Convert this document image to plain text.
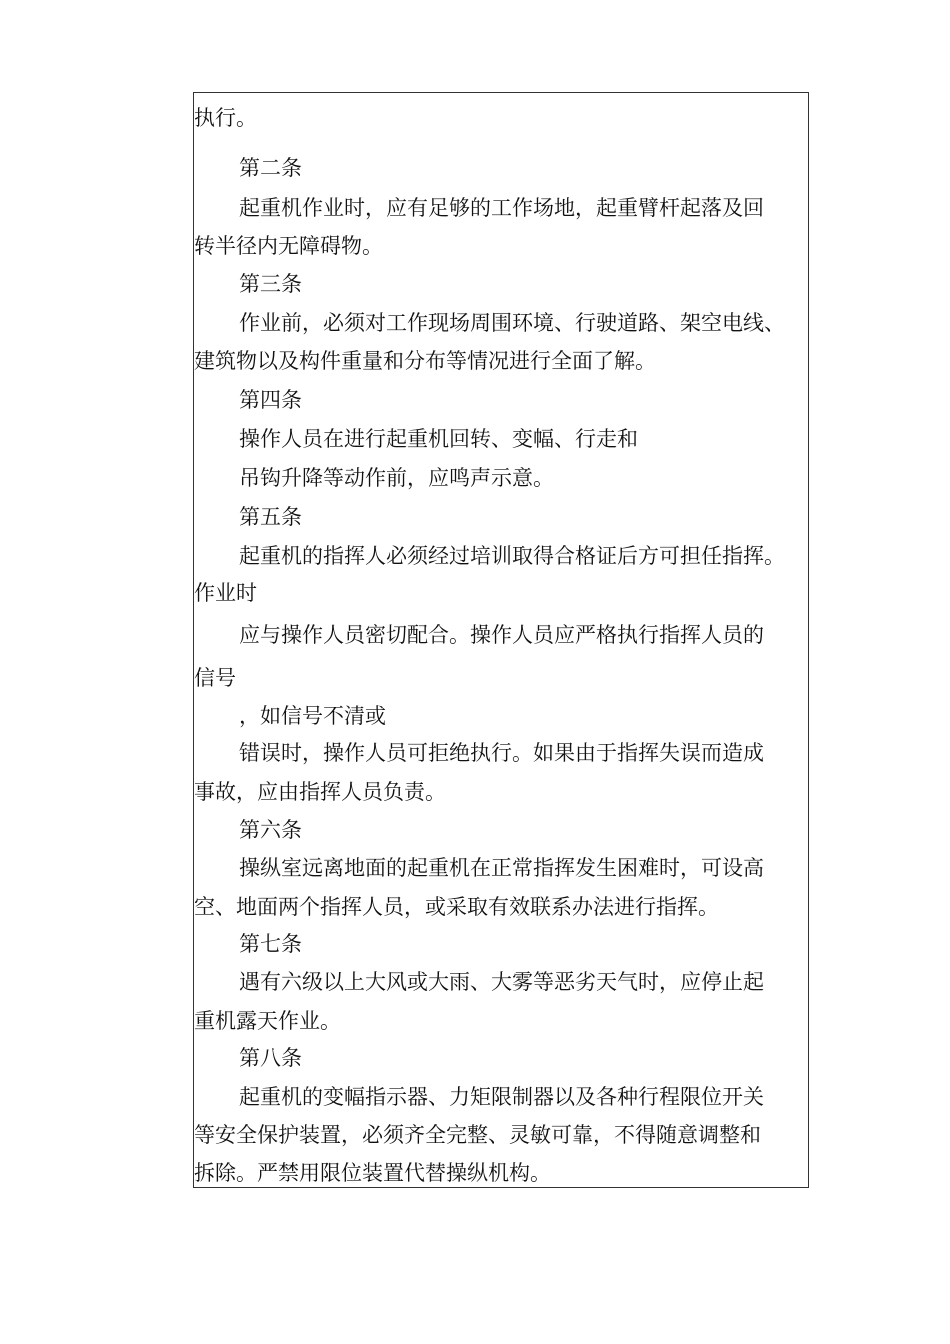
执行。
第二条
起重机作业时，应有足够的工作场地，起重臂杆起落及回
转半径内无障碍物。
第三条
作业前，必须对工作现场周围环境、行驶道路、架空电线、
建筑物以及构件重量和分布等情况进行全面了解。
第四条
操作人员在进行起重机回转、变幅、行走和
吊钩升降等动作前，应鸣声示意。
第五条
起重机的指挥人必须经过培训取得合格证后方可担任指挥。
作业时
应与操作人员密切配合。操作人员应严格执行指挥人员的
信号
，如信号不清或
错误时，操作人员可拒绝执行。如果由于指挥失误而造成
事故，应由指挥人员负责。
第六条
操纵室远离地面的起重机在正常指挥发生困难时，可设高
空、地面两个指挥人员，或采取有效联系办法进行指挥。
第七条
遇有六级以上大风或大雨、大雾等恶劣天气时，应停止起
重机露天作业。
第八条
起重机的变幅指示器、力矩限制器以及各种行程限位开关
等安全保护装置，必须齐全完整、灵敏可靠，不得随意调整和
拆除。严禁用限位装置代替操纵机构。
